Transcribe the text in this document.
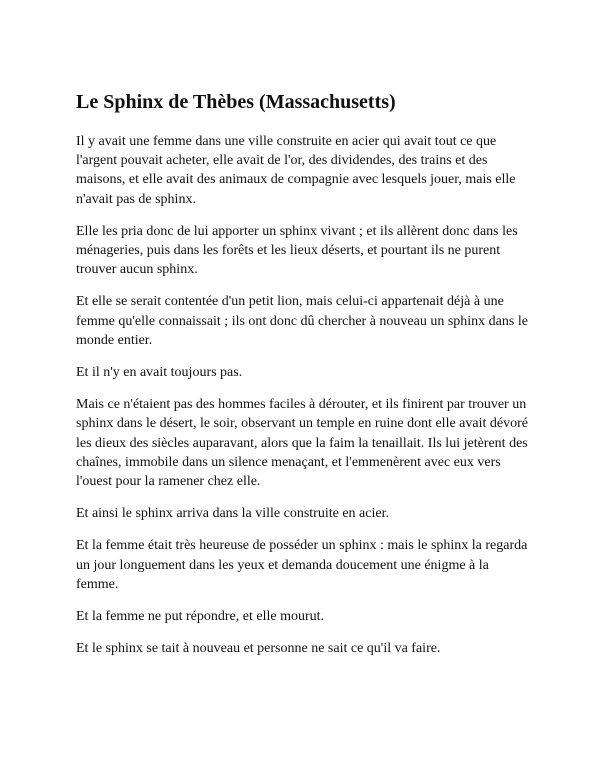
Le Sphinx de Thèbes (Massachusetts)

Il y avait une femme dans une ville construite en acier qui avait tout ce que l'argent pouvait acheter, elle avait de l'or, des dividendes, des trains et des maisons, et elle avait des animaux de compagnie avec lesquels jouer, mais elle n'avait pas de sphinx.

Elle les pria donc de lui apporter un sphinx vivant ; et ils allèrent donc dans les ménageries, puis dans les forêts et les lieux déserts, et pourtant ils ne purent trouver aucun sphinx.

Et elle se serait contentée d'un petit lion, mais celui-ci appartenait déjà à une femme qu'elle connaissait ; ils ont donc dû chercher à nouveau un sphinx dans le monde entier.

Et il n'y en avait toujours pas.

Mais ce n'étaient pas des hommes faciles à dérouter, et ils finirent par trouver un sphinx dans le désert, le soir, observant un temple en ruine dont elle avait dévoré les dieux des siècles auparavant, alors que la faim la tenaillait. Ils lui jetèrent des chaînes, immobile dans un silence menaçant, et l'emmenèrent avec eux vers l'ouest pour la ramener chez elle.

Et ainsi le sphinx arriva dans la ville construite en acier.

Et la femme était très heureuse de posséder un sphinx : mais le sphinx la regarda un jour longuement dans les yeux et demanda doucement une énigme à la femme.

Et la femme ne put répondre, et elle mourut.

Et le sphinx se tait à nouveau et personne ne sait ce qu'il va faire.
